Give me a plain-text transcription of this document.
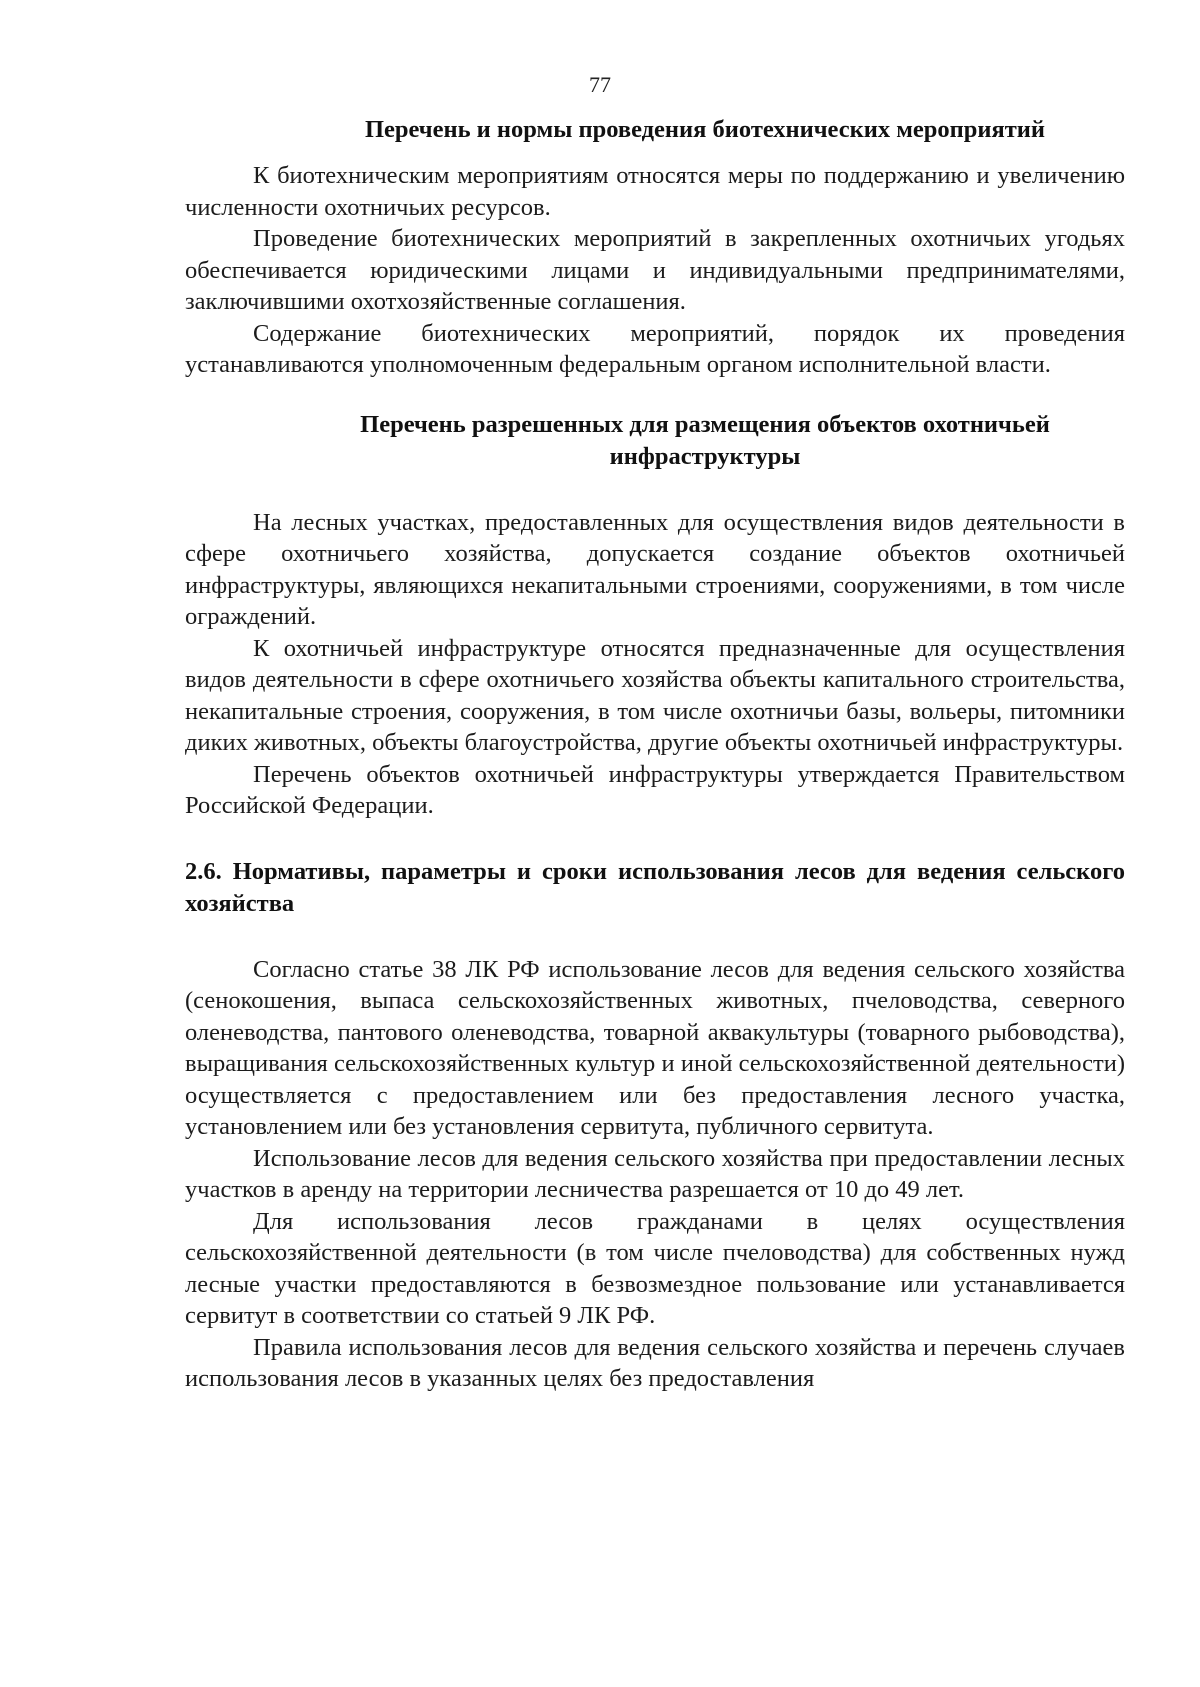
77
Перечень и нормы проведения биотехнических мероприятий

К биотехническим мероприятиям относятся меры по поддержанию и увеличению численности охотничьих ресурсов.

Проведение биотехнических мероприятий в закрепленных охотничьих угодьях обеспечивается юридическими лицами и индивидуальными предпринимателями, заключившими охотхозяйственные соглашения.

Содержание биотехнических мероприятий, порядок их проведения устанавливаются уполномоченным федеральным органом исполнительной власти.

Перечень разрешенных для размещения объектов охотничьей
инфраструктуры

На лесных участках, предоставленных для осуществления видов деятельности в сфере охотничьего хозяйства, допускается создание объектов охотничьей инфраструктуры, являющихся некапитальными строениями, сооружениями, в том числе ограждений.

К охотничьей инфраструктуре относятся предназначенные для осуществления видов деятельности в сфере охотничьего хозяйства объекты капитального строительства, некапитальные строения, сооружения, в том числе охотничьи базы, вольеры, питомники диких животных, объекты благоустройства, другие объекты охотничьей инфраструктуры.

Перечень объектов охотничьей инфраструктуры утверждается Правительством Российской Федерации.

2.6. Нормативы, параметры и сроки использования лесов для ведения сельского хозяйства

Согласно статье 38 ЛК РФ использование лесов для ведения сельского хозяйства (сенокошения, выпаса сельскохозяйственных животных, пчеловодства, северного оленеводства, пантового оленеводства, товарной аквакультуры (товарного рыбоводства), выращивания сельскохозяйственных культур и иной сельскохозяйственной деятельности) осуществляется с предоставлением или без предоставления лесного участка, установлением или без установления сервитута, публичного сервитута.

Использование лесов для ведения сельского хозяйства при предоставлении лесных участков в аренду на территории лесничества разрешается от 10 до 49 лет.

Для использования лесов гражданами в целях осуществления сельскохозяйственной деятельности (в том числе пчеловодства) для собственных нужд лесные участки предоставляются в безвозмездное пользование или устанавливается сервитут в соответствии со статьей 9 ЛК РФ.

Правила использования лесов для ведения сельского хозяйства и перечень случаев использования лесов в указанных целях без предоставления
